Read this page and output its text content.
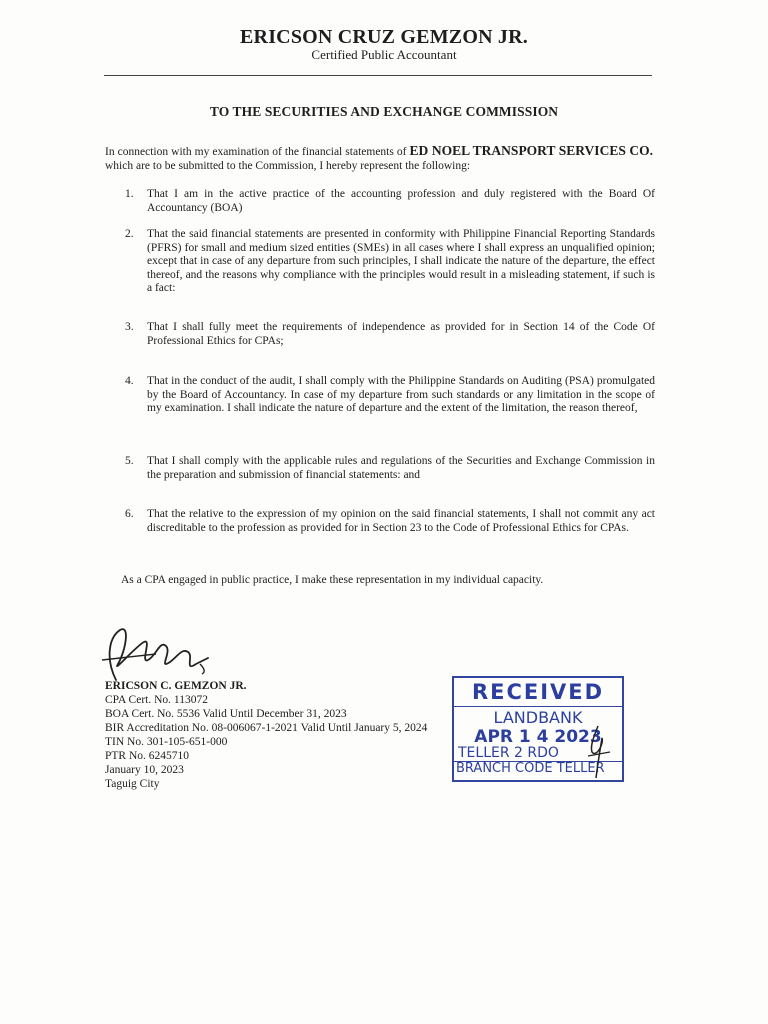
ERICSON CRUZ GEMZON JR.
Certified Public Accountant
TO THE SECURITIES AND EXCHANGE COMMISSION
In connection with my examination of the financial statements of ED NOEL TRANSPORT SERVICES CO. which are to be submitted to the Commission, I hereby represent the following:
1. That I am in the active practice of the accounting profession and duly registered with the Board Of Accountancy (BOA)
2. That the said financial statements are presented in conformity with Philippine Financial Reporting Standards (PFRS) for small and medium sized entities (SMEs) in all cases where I shall express an unqualified opinion; except that in case of any departure from such principles, I shall indicate the nature of the departure, the effect thereof, and the reasons why compliance with the principles would result in a misleading statement, if such is a fact:
3. That I shall fully meet the requirements of independence as provided for in Section 14 of the Code Of Professional Ethics for CPAs;
4. That in the conduct of the audit, I shall comply with the Philippine Standards on Auditing (PSA) promulgated by the Board of Accountancy. In case of my departure from such standards or any limitation in the scope of my examination. I shall indicate the nature of departure and the extent of the limitation, the reason thereof,
5. That I shall comply with the applicable rules and regulations of the Securities and Exchange Commission in the preparation and submission of financial statements: and
6. That the relative to the expression of my opinion on the said financial statements, I shall not commit any act discreditable to the profession as provided for in Section 23 to the Code of Professional Ethics for CPAs.
As a CPA engaged in public practice, I make these representation in my individual capacity.
ERICSON C. GEMZON JR.
CPA Cert. No. 113072
BOA Cert. No. 5536 Valid Until December 31, 2023
BIR Accreditation No. 08-006067-1-2021 Valid Until January 5, 2024
TIN No. 301-105-651-000
PTR No. 6245710
January 10, 2023
Taguig City
RECEIVED
LANDBANK
APR 1 4 2023
TELLER 2 RDO
BRANCH CODE TELLER
